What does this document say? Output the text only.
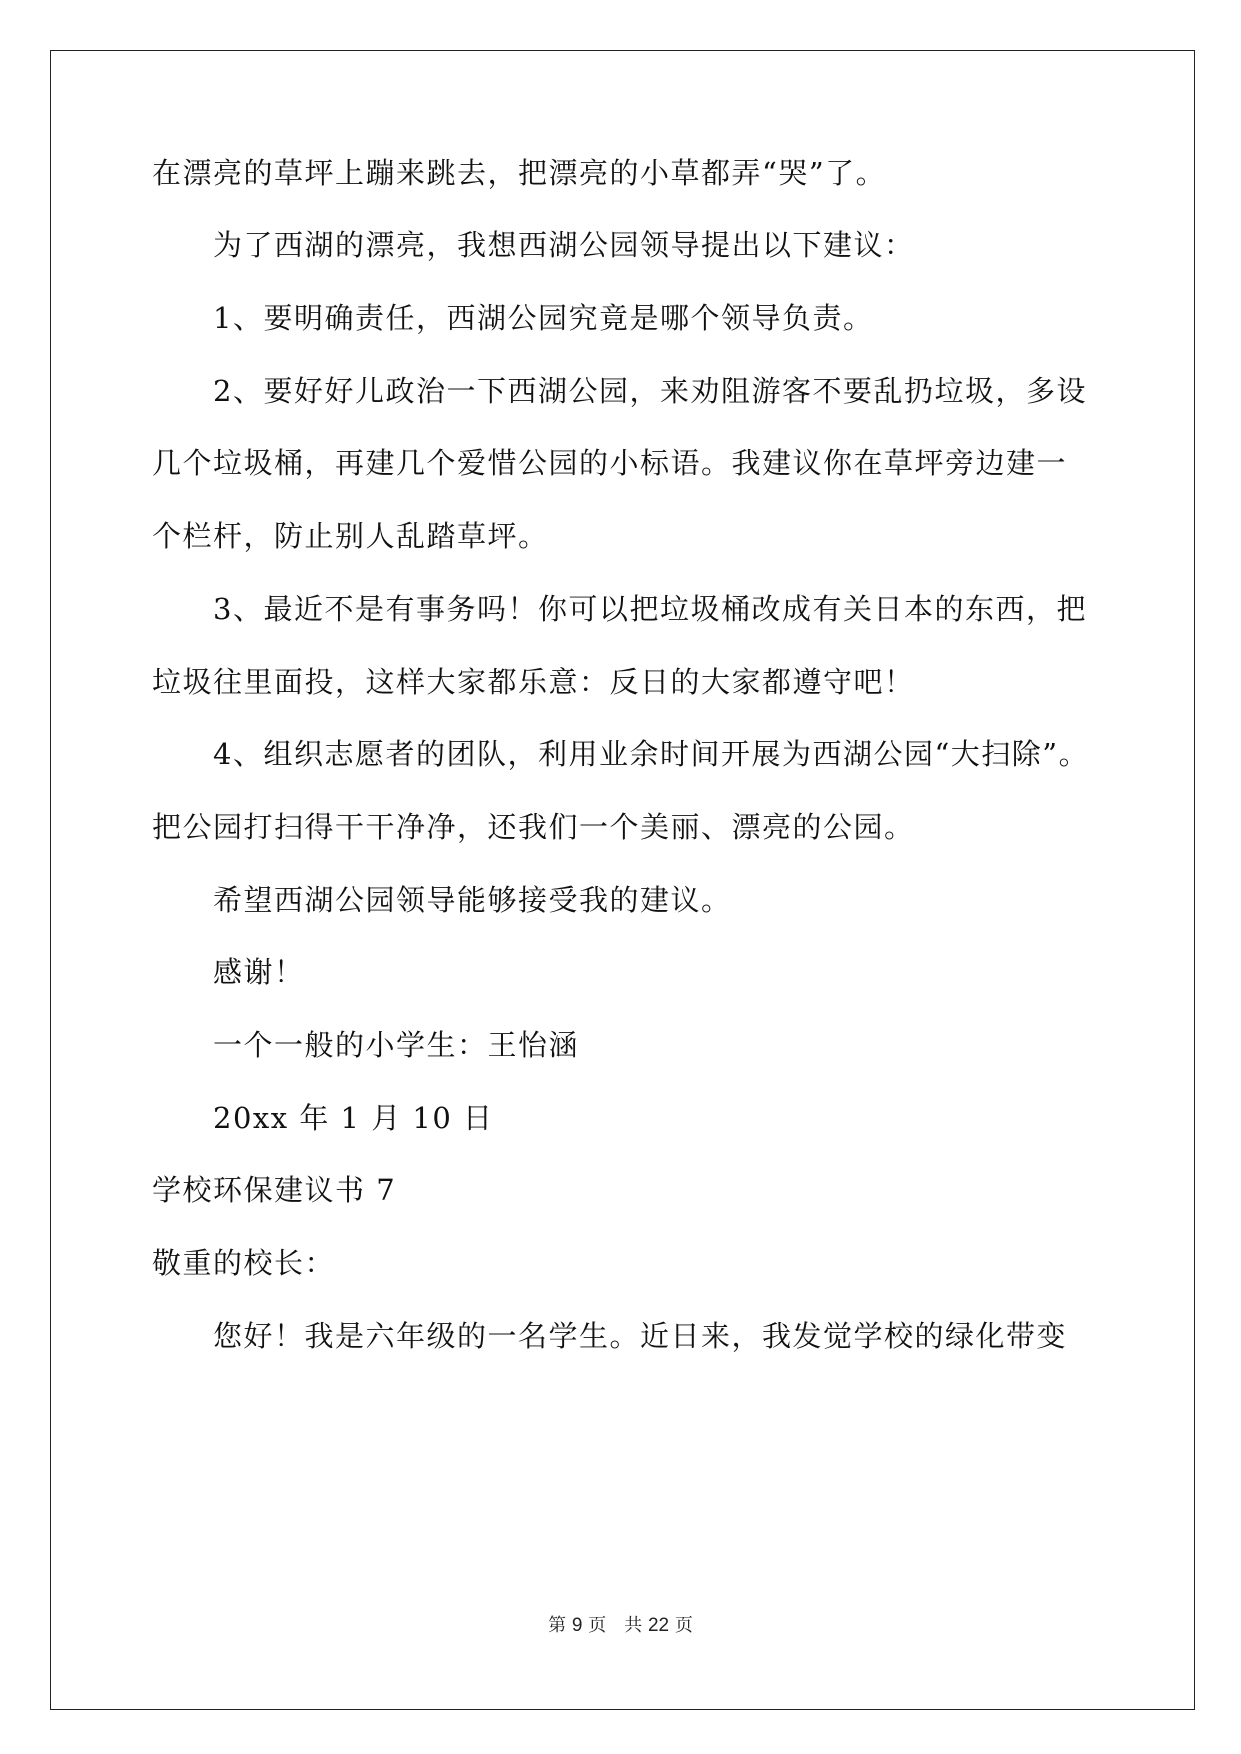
在漂亮的草坪上蹦来跳去，把漂亮的小草都弄“哭”了。
为了西湖的漂亮，我想西湖公园领导提出以下建议：
1、要明确责任，西湖公园究竟是哪个领导负责。
2、要好好儿政治一下西湖公园，来劝阻游客不要乱扔垃圾，多设
几个垃圾桶，再建几个爱惜公园的小标语。我建议你在草坪旁边建一
个栏杆，防止别人乱踏草坪。
3、最近不是有事务吗！你可以把垃圾桶改成有关日本的东西，把
垃圾往里面投，这样大家都乐意：反日的大家都遵守吧！
4、组织志愿者的团队，利用业余时间开展为西湖公园“大扫除”。
把公园打扫得干干净净，还我们一个美丽、漂亮的公园。
希望西湖公园领导能够接受我的建议。
感谢！
一个一般的小学生：王怡涵
20xx 年 1 月 10 日
学校环保建议书 7
敬重的校长：
您好！我是六年级的一名学生。近日来，我发觉学校的绿化带变
第 9 页　共 22 页
